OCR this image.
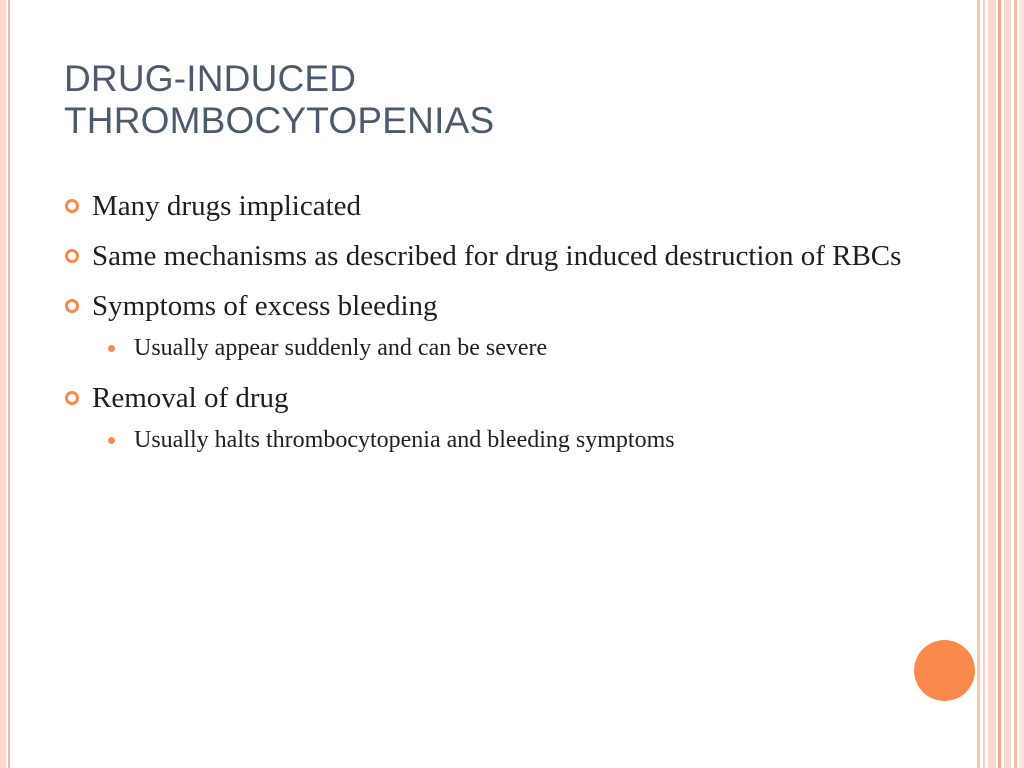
DRUG-INDUCED
THROMBOCYTOPENIAS
Many drugs implicated
Same mechanisms as described for drug induced destruction of RBCs
Symptoms of excess bleeding
Usually appear suddenly and can be severe
Removal of drug
Usually halts thrombocytopenia and bleeding symptoms
